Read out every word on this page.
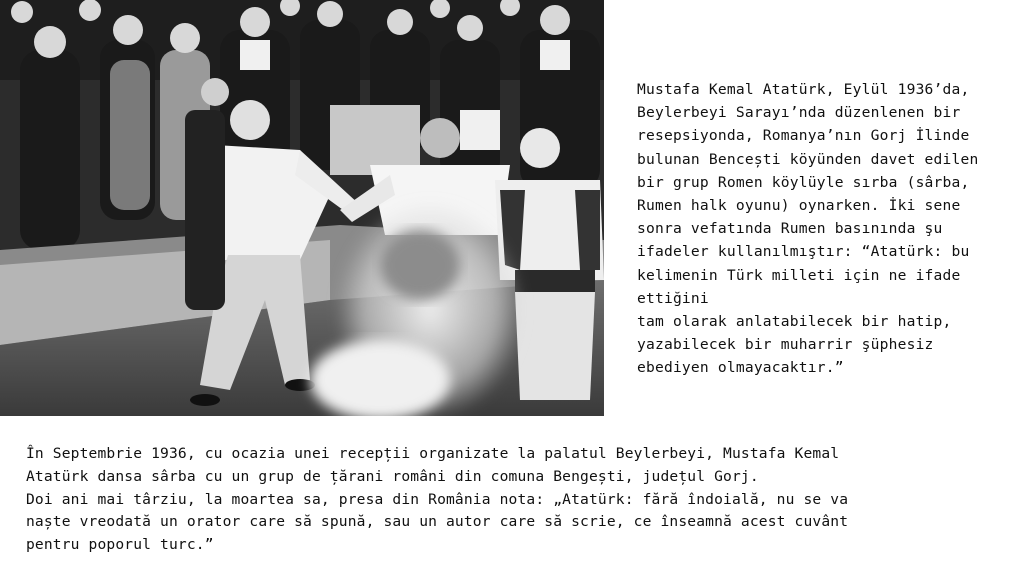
Mustafa Kemal Atatürk, Eylül 1936’da,
Beylerbeyi Sarayı’nda düzenlenen bir
resepsiyonda, Romanya’nın Gorj İlinde
bulunan Bencești köyünden davet edilen
bir grup Romen köylüyle sırba (sârba,
Rumen halk oyunu) oynarken. İki sene
sonra vefatında Rumen basınında şu
ifadeler kullanılmıştır: “Atatürk: bu
kelimenin Türk milleti için ne ifade ettiğini
tam olarak anlatabilecek bir hatip,
yazabilecek bir muharrir şüphesiz
ebediyen olmayacaktır.”

În Septembrie 1936, cu ocazia unei recepții organizate la palatul Beylerbeyi, Mustafa Kemal
Atatürk dansa sârba cu un grup de țărani români din comuna Bengești, județul Gorj.
Doi ani mai târziu, la moartea sa, presa din România nota: „Atatürk: fără îndoială, nu se va
naște vreodată un orator care să spună, sau un autor care să scrie, ce înseamnă acest cuvânt
pentru poporul turc.”
